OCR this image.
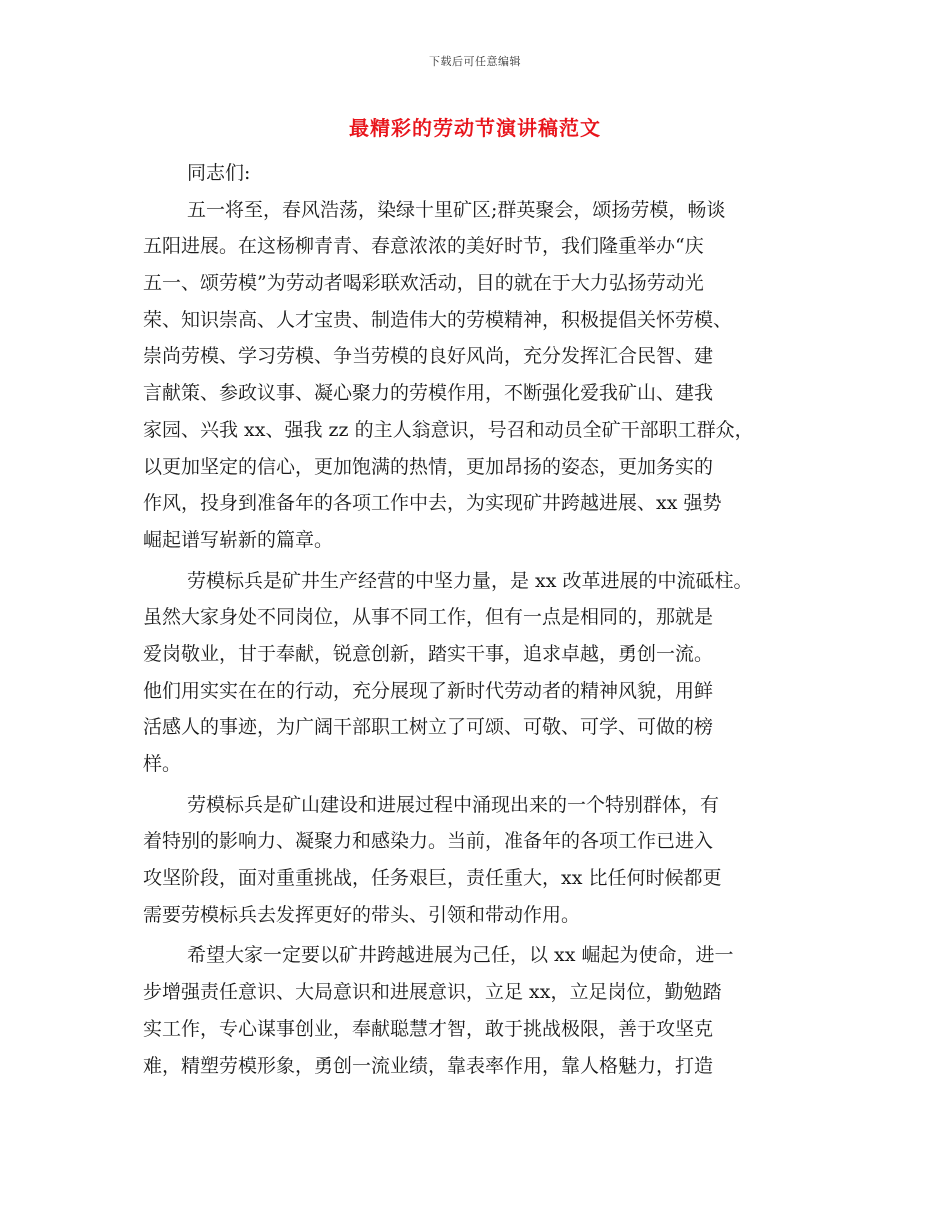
下载后可任意编辑
最精彩的劳动节演讲稿范文
同志们:
五一将至，春风浩荡，染绿十里矿区;群英聚会，颂扬劳模，畅谈
五阳进展。在这杨柳青青、春意浓浓的美好时节，我们隆重举办“庆
五一、颂劳模”为劳动者喝彩联欢活动，目的就在于大力弘扬劳动光
荣、知识崇高、人才宝贵、制造伟大的劳模精神，积极提倡关怀劳模、
崇尚劳模、学习劳模、争当劳模的良好风尚，充分发挥汇合民智、建
言献策、参政议事、凝心聚力的劳模作用，不断强化爱我矿山、建我
家园、兴我 xx、强我 zz 的主人翁意识，号召和动员全矿干部职工群众，
以更加坚定的信心，更加饱满的热情，更加昂扬的姿态，更加务实的
作风，投身到准备年的各项工作中去，为实现矿井跨越进展、xx 强势
崛起谱写崭新的篇章。
劳模标兵是矿井生产经营的中坚力量，是 xx 改革进展的中流砥柱。
虽然大家身处不同岗位，从事不同工作，但有一点是相同的，那就是
爱岗敬业，甘于奉献，锐意创新，踏实干事，追求卓越，勇创一流。
他们用实实在在的行动，充分展现了新时代劳动者的精神风貌，用鲜
活感人的事迹，为广阔干部职工树立了可颂、可敬、可学、可做的榜
样。
劳模标兵是矿山建设和进展过程中涌现出来的一个特别群体，有
着特别的影响力、凝聚力和感染力。当前，准备年的各项工作已进入
攻坚阶段，面对重重挑战，任务艰巨，责任重大，xx 比任何时候都更
需要劳模标兵去发挥更好的带头、引领和带动作用。
希望大家一定要以矿井跨越进展为己任，以 xx 崛起为使命，进一
步增强责任意识、大局意识和进展意识，立足 xx，立足岗位，勤勉踏
实工作，专心谋事创业，奉献聪慧才智，敢于挑战极限，善于攻坚克
难，精塑劳模形象，勇创一流业绩，靠表率作用，靠人格魅力，打造
